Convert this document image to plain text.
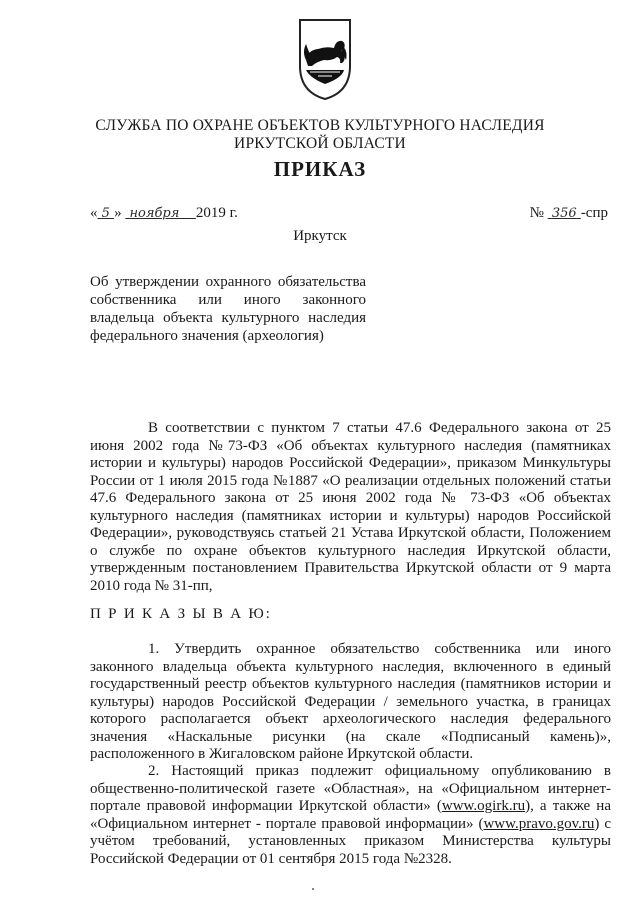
СЛУЖБА ПО ОХРАНЕ ОБЪЕКТОВ КУЛЬТУРНОГО НАСЛЕДИЯ
ИРКУТСКОЙ ОБЛАСТИ
ПРИКАЗ
« 5 » ноября 2019 г.	№ 356 -спр
Иркутск

Об утверждении охранного обязательства собственника или иного законного владельца объекта культурного наследия федерального значения (археология)

В соответствии с пунктом 7 статьи 47.6 Федерального закона от 25 июня 2002 года №73-ФЗ «Об объектах культурного наследия (памятниках истории и культуры) народов Российской Федерации», приказом Минкультуры России от 1 июля 2015 года №1887 «О реализации отдельных положений статьи 47.6 Федерального закона от 25 июня 2002 года № 73-ФЗ «Об объектах культурного наследия (памятниках истории и культуры) народов Российской Федерации», руководствуясь статьей 21 Устава Иркутской области, Положением о службе по охране объектов культурного наследия Иркутской области, утвержденным постановлением Правительства Иркутской области от 9 марта 2010 года № 31-пп,

П Р И К А З Ы В А Ю:

1. Утвердить охранное обязательство собственника или иного законного владельца объекта культурного наследия, включенного в единый государственный реестр объектов культурного наследия (памятников истории и культуры) народов Российской Федерации / земельного участка, в границах которого располагается объект археологического наследия федерального значения «Наскальные рисунки (на скале «Подписаный камень)», расположенного в Жигаловском районе Иркутской области.

2. Настоящий приказ подлежит официальному опубликованию в общественно-политической газете «Областная», на «Официальном интернет-портале правовой информации Иркутской области» (www.ogirk.ru), а также на «Официальном интернет - портале правовой информации» (www.pravo.gov.ru) с учётом требований, установленных приказом Министерства культуры Российской Федерации от 01 сентября 2015 года №2328.
